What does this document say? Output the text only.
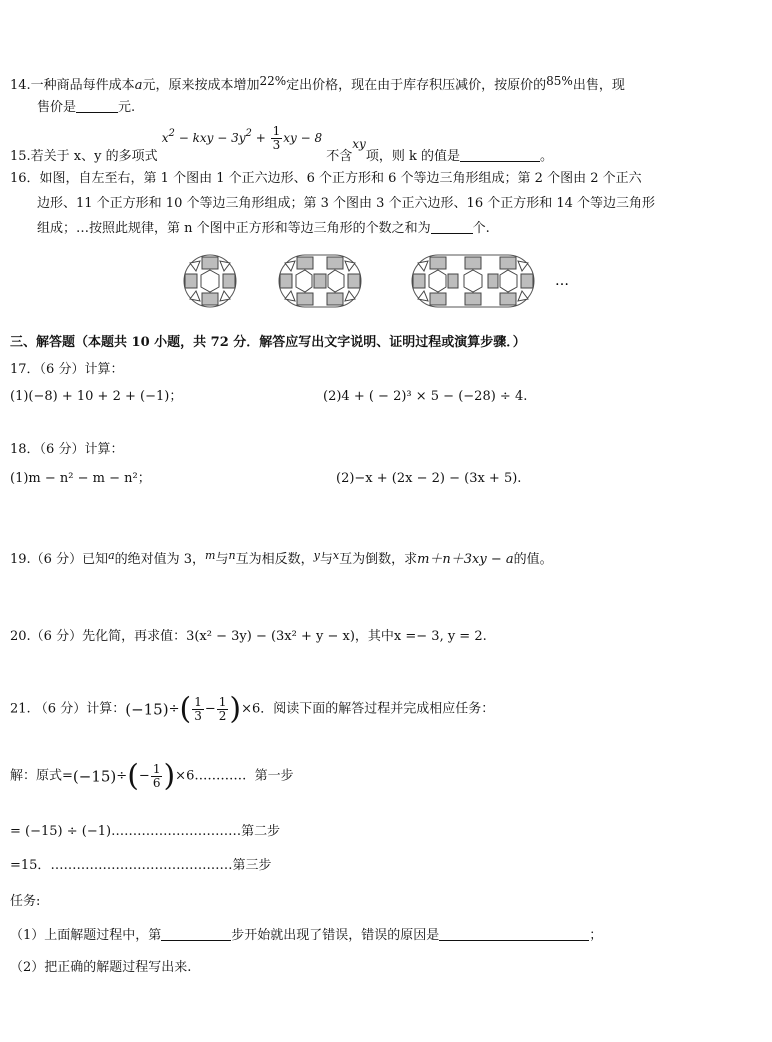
14.一种商品每件成本a元，原来按成本增加22%定出价格，现在由于库存积压减价，按原价的85%出售，现
售价是	元.
15.若关于 x、y 的多项式 $x^2$ − kxy − $3y^2 + \frac{1}{3}$ xy − 8 不含xy项，则 k 的值是	。
16．如图，自左至右，第 1 个图由 1 个正六边形、6 个正方形和 6 个等边三角形组成；第 2 个图由 2 个正六
边形、11 个正方形和 10 个等边三角形组成；第 3 个图由 3 个正六边形、16 个正方形和 14 个等边三角形
组成；…按照此规律，第 n 个图中正方形和等边三角形的个数之和为	个.
…
三、解答题（本题共 10 小题，共 72 分．解答应写出文字说明、证明过程或演算步骤．）
17．（6 分）计算：
(1)(−8) + 10 + 2 + (−1)；	(2)4 + ( − 2)³ × 5 − (−28) ÷ 4.
18．（6 分）计算：
(1)m − n² − m − n²；	(2)−x + (2x − 2) − (3x + 5).
19.（6 分）已知$^a$的绝对值为 3，$^m$与$^n$互为相反数，$^y$与$^x$互为倒数，求m＋n＋3xy − a的值。
20.（6 分）先化简，再求值：3(x² − 3y) − (3x² + y − x)，其中x =− 3, y = 2.
21. （6 分）计算：$(-15)\div( \frac{1}{3} - \frac{1}{2} )\times 6$．阅读下面的解答过程并完成相应任务：
解：原式$=(-15)\div(- \frac{1}{6}$ )×6………… 第一步
= (−15) ÷ (−1)…………………………第二步
=15．……………………………………第三步
任务:
（1）上面解题过程中，第	步开始就出现了错误，错误的原因是	；
（2）把正确的解题过程写出来.
